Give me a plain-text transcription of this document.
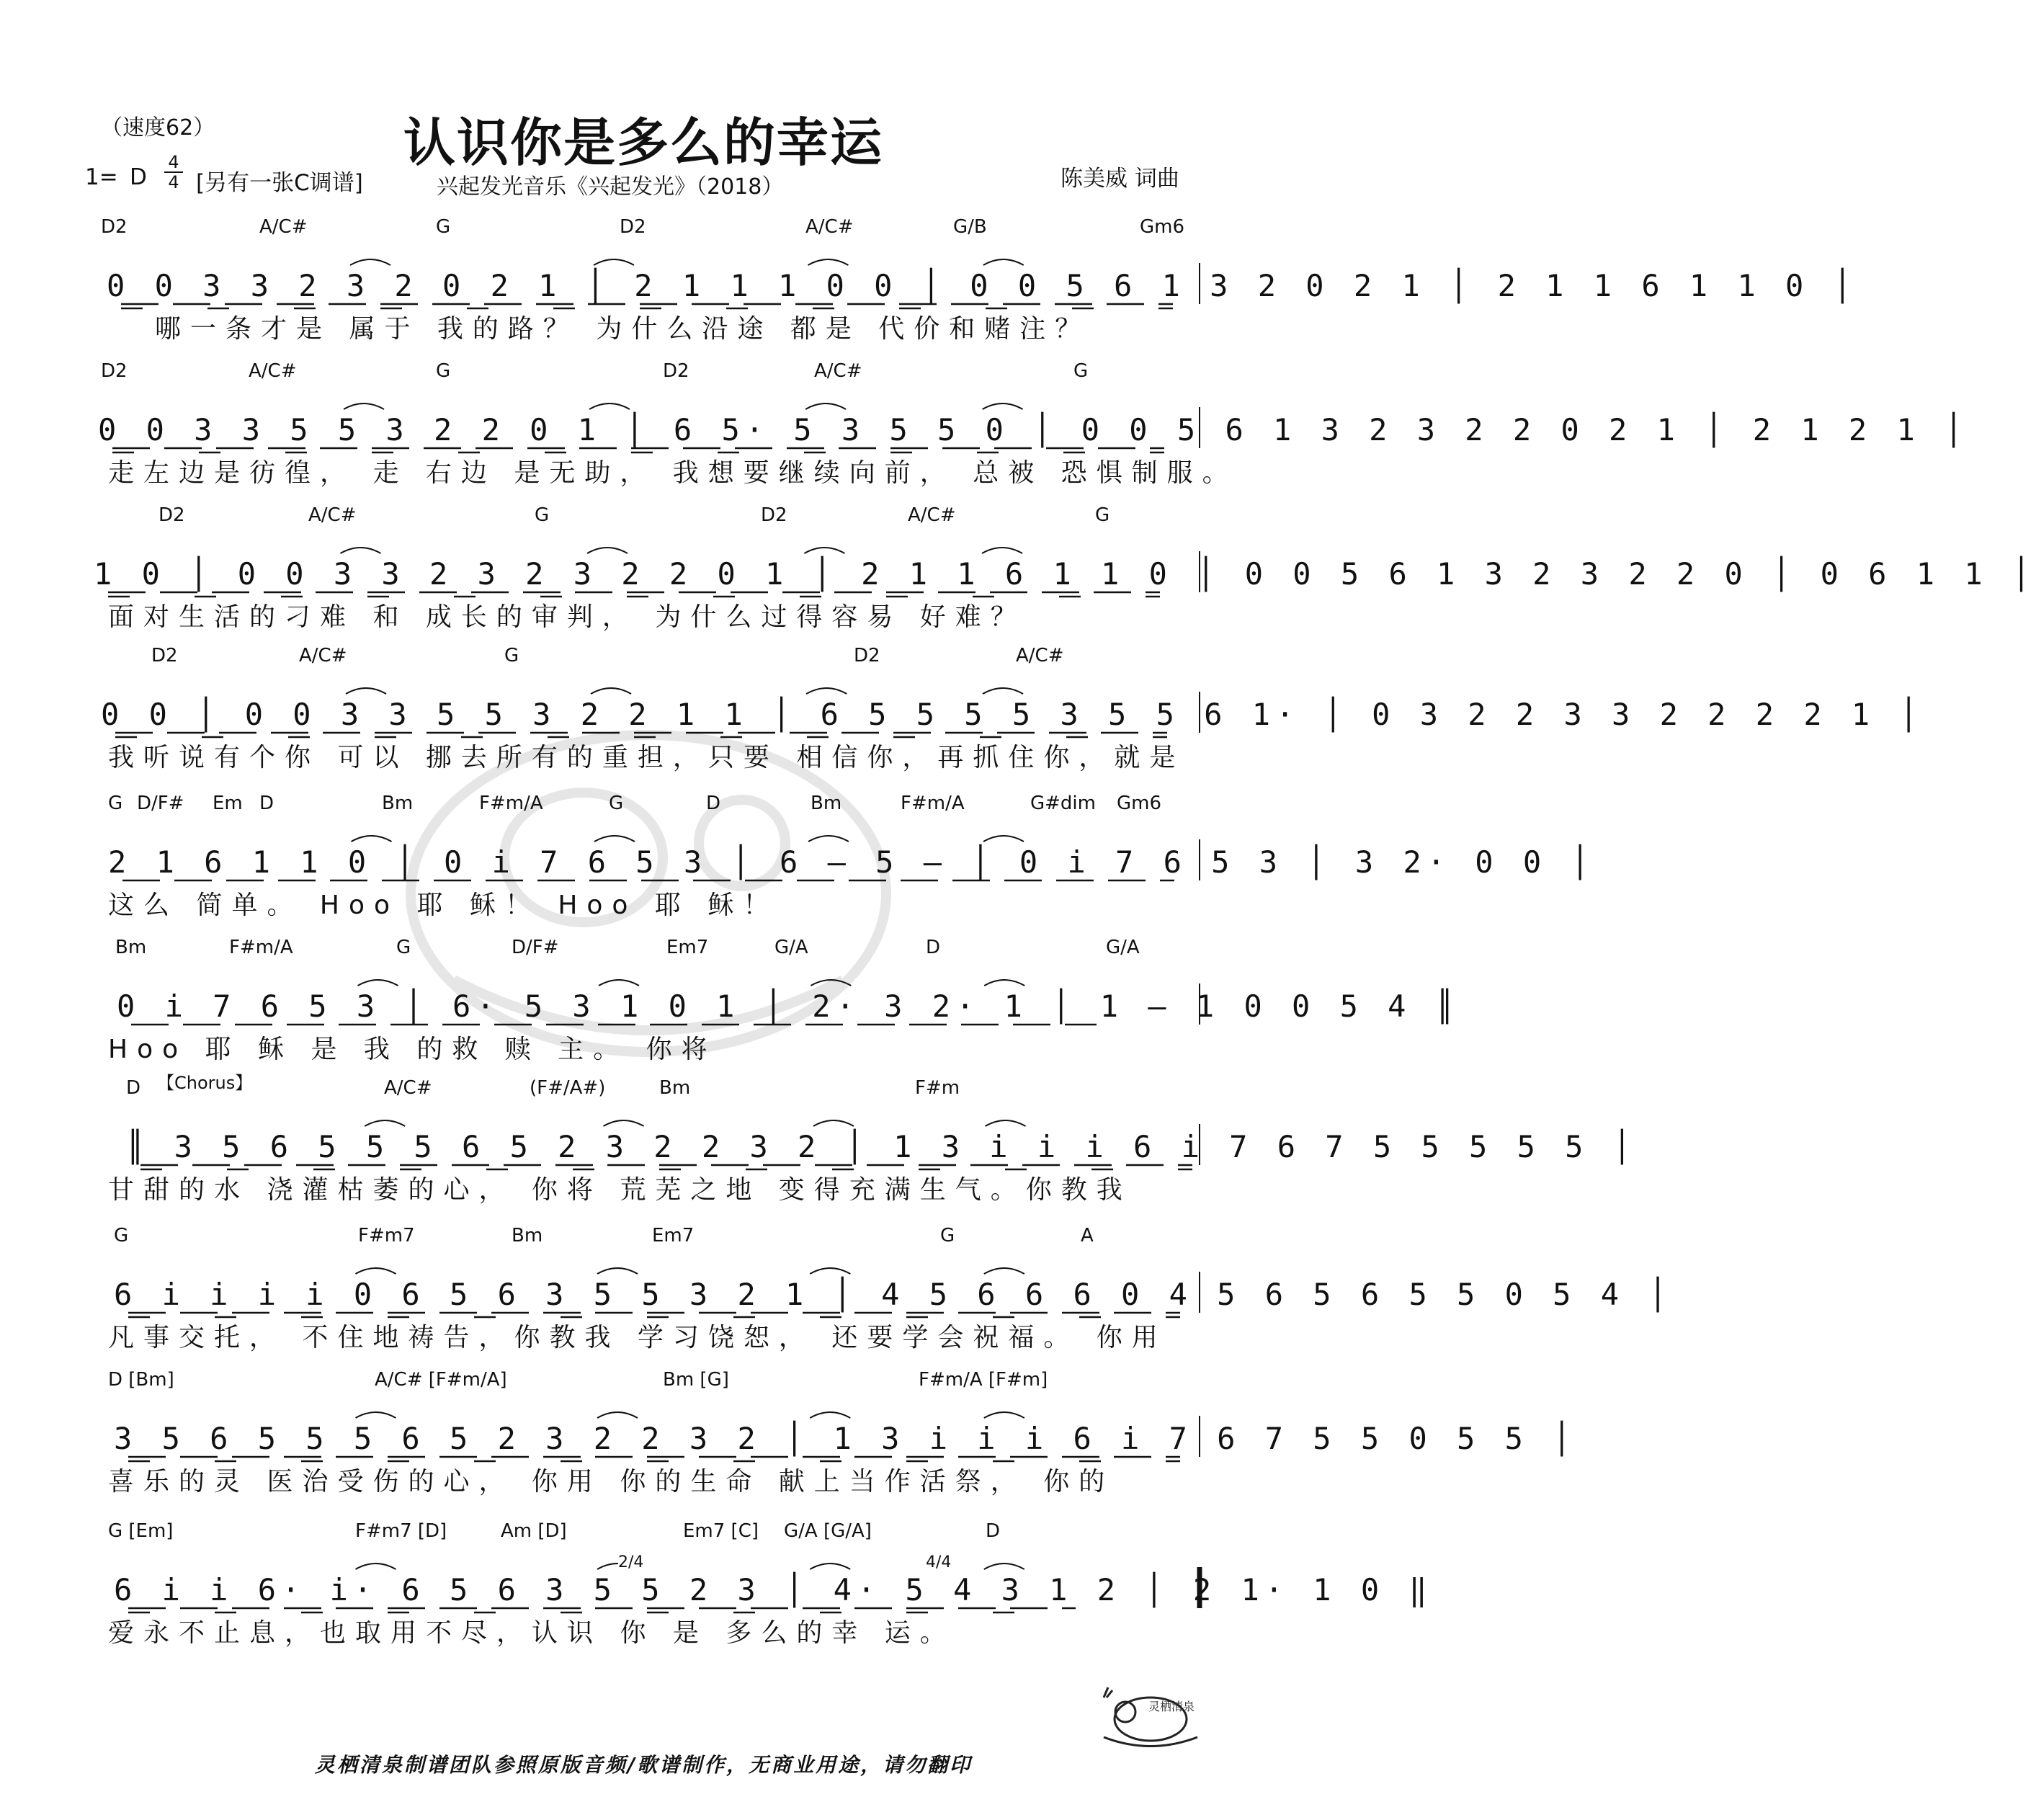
认识你是多么的幸运
（速度62）
1= D
4
4 [另有一张C调谱]	兴起发光音乐《兴起发光》（2018）	陈美威 词曲
D2	A/C#	G	D2	A/C#	G/B	Gm6
0 0 3 3 2 3 2 0 2 1 │ 2 1 1 1 0 0 │ 0 0 5 6 1 3 2 0 2 1 │ 2 1 1 6 1 1 0 │
哪一条才是 属于 我的路？ 为什么沿途 都是 代价和赌注？
D2	A/C#	G	D2	A/C#	G
0 0 3 3 5 5 3 2 2 0 1 │ 6 5· 5 3 5 5 0 │ 0 0 5 6 1 3 2 3 2 2 0 2 1 │ 2 1 2 1 │
走左边是彷徨， 走 右边 是无助， 我想要继续向前， 总被 恐惧制服。
D2	A/C#	G	D2	A/C#	G
1 0 │ 0 0 3 3 2 3 2 3 2 2 0 1 │ 2 1 1 6 1 1 0 │ 0 0 5 6 1 3 2 3 2 2 0 │ 0 6 1 1 │
面对生活的刁难 和 成长的审判， 为什么过得容易 好难？
D2	A/C#	G	D2	A/C#
0 0 │ 0 0 3 3 5 5 3 2 2 1 1 │ 6 5 5 5 5 3 5 5 6 1· │ 0 3 2 2 3 3 2 2 2 2 1 │
我听说有个你 可以 挪去所有的重担，只要 相信你，再抓住你，就是
G D/F# Em D	Bm	F#m/A	G	D	Bm	F#m/A	G#dim Gm6
2 1 6 1 1 0 │ 0 i 7 6 5 3 │ 6 — 5 — │ 0 i 7 6 5 3 │ 3 2· 0 0 │
这么 简单。 Hoo 耶 稣！ Hoo 耶 稣！
Bm	F#m/A	G	D/F#	Em7	G/A	D	G/A
0 i 7 6 5 3 │ 6· 5 3 1 0 1 │ 2· 3 2· 1 │ 1 — 1 0 0 5 4 ║
Hoo 耶 稣 是 我 的救 赎 主。 你将
D	A/C#	(F#/A#)	Bm	F#m
【Chorus】
║ 3 5 6 5 5 5 6 5 2 3 2 2 3 2 │ 1 3 i i i 6 i 7 6 7 5 5 5 5 5 │
甘甜的水 浇灌枯萎的心， 你将 荒芜之地 变得充满生气。你教我
G	F#m7	Bm	Em7	G	A
6 i i i i 0 6 5 6 3 5 5 3 2 1 │ 4 5 6 6 6 0 4 5 6 5 6 5 5 0 5 4 │
凡事交托， 不住地祷告，你教我 学习饶恕， 还要学会祝福。 你用
D [Bm]	A/C# [F#m/A]	Bm [G]	F#m/A [F#m]
3 5 6 5 5 5 6 5 2 3 2 2 3 2 │ 1 3 i i i 6 i 7 6 7 5 5 0 5 5 │
喜乐的灵 医治受伤的心， 你用 你的生命 献上当作活祭， 你的
G [Em]	F#m7 [D]	Am [D]	Em7 [C] G/A [G/A]	D
6 i i 6· i· 6 5 6 3 5 5 2 3 │ 4· 5 4 3 1 2 │ 2 1· 1 0 ‖
2/4	4/4
爱永不止息，也取用不尽，认识 你 是 多么的幸 运。
灵栖清泉制谱团队参照原版音频/歌谱制作，无商业用途，请勿翻印
灵栖清泉
